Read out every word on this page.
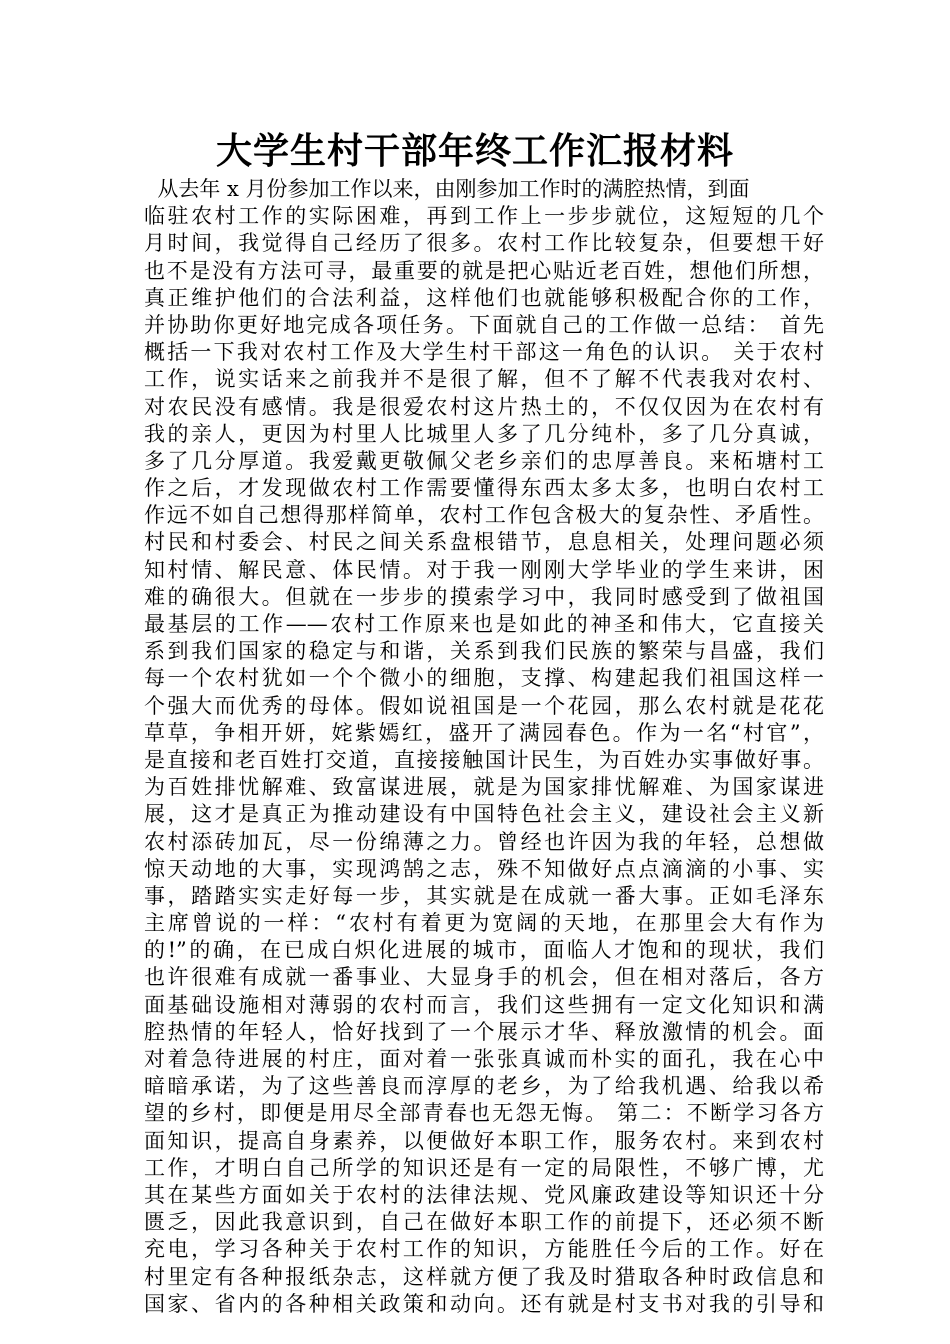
大学生村干部年终工作汇报材料
从去年 x 月份参加工作以来，由刚参加工作时的满腔热情，到面
临驻农村工作的实际困难，再到工作上一步步就位，这短短的几个
月时间，我觉得自己经历了很多。农村工作比较复杂，但要想干好
也不是没有方法可寻，最重要的就是把心贴近老百姓，想他们所想，
真正维护他们的合法利益，这样他们也就能够积极配合你的工作，
并协助你更好地完成各项任务。下面就自己的工作做一总结： 首先
概括一下我对农村工作及大学生村干部这一角色的认识。 关于农村
工作，说实话来之前我并不是很了解，但不了解不代表我对农村、
对农民没有感情。我是很爱农村这片热土的，不仅仅因为在农村有
我的亲人，更因为村里人比城里人多了几分纯朴，多了几分真诚，
多了几分厚道。我爱戴更敬佩父老乡亲们的忠厚善良。来柘塘村工
作之后，才发现做农村工作需要懂得东西太多太多，也明白农村工
作远不如自己想得那样简单，农村工作包含极大的复杂性、矛盾性。
村民和村委会、村民之间关系盘根错节，息息相关，处理问题必须
知村情、解民意、体民情。对于我一刚刚大学毕业的学生来讲，困
难的确很大。但就在一步步的摸索学习中，我同时感受到了做祖国
最基层的工作——农村工作原来也是如此的神圣和伟大，它直接关
系到我们国家的稳定与和谐，关系到我们民族的繁荣与昌盛，我们
每一个农村犹如一个个微小的细胞，支撑、构建起我们祖国这样一
个强大而优秀的母体。假如说祖国是一个花园，那么农村就是花花
草草，争相开妍，姹紫嫣红，盛开了满园春色。作为一名“村官”，
是直接和老百姓打交道，直接接触国计民生，为百姓办实事做好事。
为百姓排忧解难、致富谋进展，就是为国家排忧解难、为国家谋进
展，这才是真正为推动建设有中国特色社会主义，建设社会主义新
农村添砖加瓦，尽一份绵薄之力。曾经也许因为我的年轻，总想做
惊天动地的大事，实现鸿鹄之志，殊不知做好点点滴滴的小事、实
事，踏踏实实走好每一步，其实就是在成就一番大事。正如毛泽东
主席曾说的一样：“农村有着更为宽阔的天地，在那里会大有作为
的!”的确，在已成白炽化进展的城市，面临人才饱和的现状，我们
也许很难有成就一番事业、大显身手的机会，但在相对落后，各方
面基础设施相对薄弱的农村而言，我们这些拥有一定文化知识和满
腔热情的年轻人，恰好找到了一个展示才华、释放激情的机会。面
对着急待进展的村庄，面对着一张张真诚而朴实的面孔，我在心中
暗暗承诺，为了这些善良而淳厚的老乡，为了给我机遇、给我以希
望的乡村，即便是用尽全部青春也无怨无悔。 第二：不断学习各方
面知识，提高自身素养，以便做好本职工作，服务农村。来到农村
工作，才明白自己所学的知识还是有一定的局限性，不够广博，尤
其在某些方面如关于农村的法律法规、党风廉政建设等知识还十分
匮乏，因此我意识到，自己在做好本职工作的前提下，还必须不断
充电，学习各种关于农村工作的知识，方能胜任今后的工作。好在
村里定有各种报纸杂志，这样就方便了我及时猎取各种时政信息和
国家、省内的各种相关政策和动向。还有就是村支书对我的引导和
